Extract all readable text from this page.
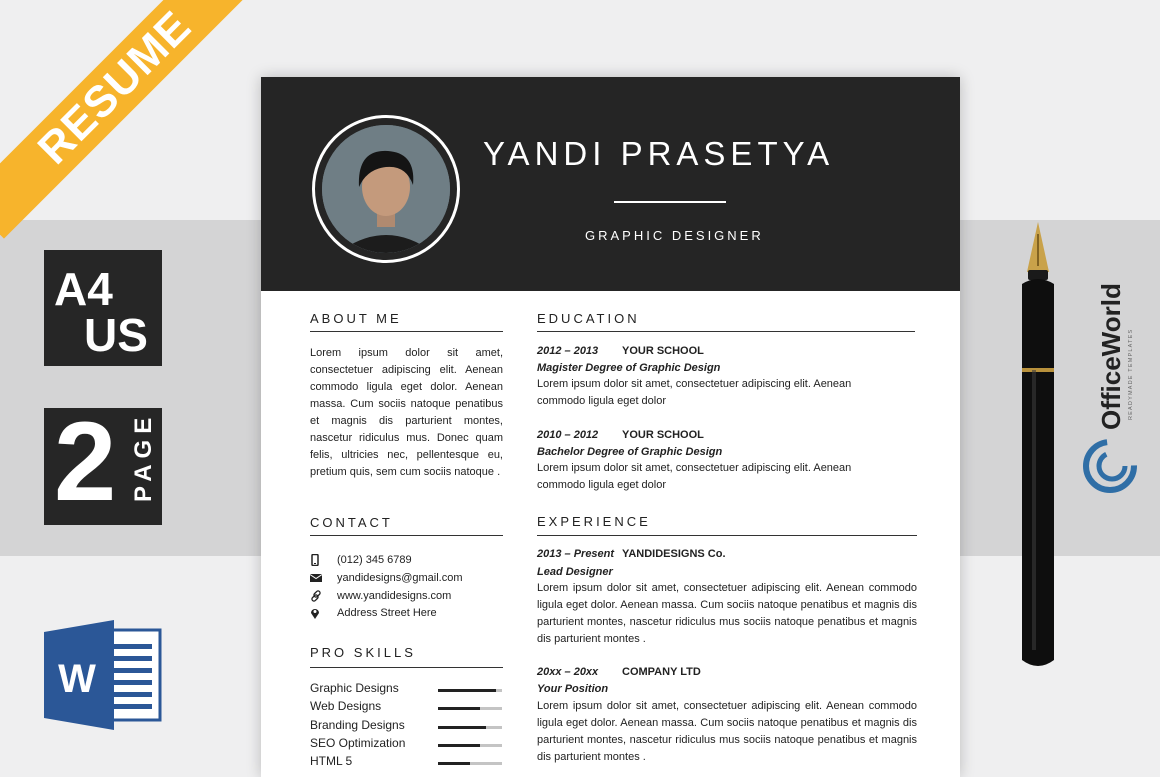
RESUME
A4
US
2 PAGE
W
OfficeWorld READYMADE TEMPLATES
YANDI PRASETYA
GRAPHIC DESIGNER
ABOUT ME

Lorem ipsum dolor sit amet, consectetuer adipiscing elit. Aenean commodo ligula eget dolor. Aenean massa. Cum sociis natoque penatibus et magnis dis parturient montes, nascetur ridiculus mus. Donec quam felis, ultricies nec, pellentesque eu, pretium quis, sem cum sociis natoque .

CONTACT
(012) 345 6789
yandidesigns@gmail.com
www.yandidesigns.com
Address Street Here
PRO SKILLS
Graphic Designs
Web Designs
Branding Designs
SEO Optimization
HTML 5
EDUCATION
2012 – 2013 YOUR SCHOOL
Magister Degree of Graphic Design

Lorem ipsum dolor sit amet, consectetuer adipiscing elit. Aenean commodo ligula eget dolor

2010 – 2012 YOUR SCHOOL
Bachelor Degree of Graphic Design

Lorem ipsum dolor sit amet, consectetuer adipiscing elit. Aenean commodo ligula eget dolor

EXPERIENCE
2013 – Present YANDIDESIGNS Co.
Lead Designer

Lorem ipsum dolor sit amet, consectetuer adipiscing elit. Aenean commodo ligula eget dolor. Aenean massa. Cum sociis natoque penatibus et magnis dis parturient montes, nascetur ridiculus mus sociis natoque penatibus et magnis dis parturient montes .

20xx – 20xx COMPANY LTD
Your Position

Lorem ipsum dolor sit amet, consectetuer adipiscing elit. Aenean commodo ligula eget dolor. Aenean massa. Cum sociis natoque penatibus et magnis dis parturient montes, nascetur ridiculus mus sociis natoque penatibus et magnis dis parturient montes .
